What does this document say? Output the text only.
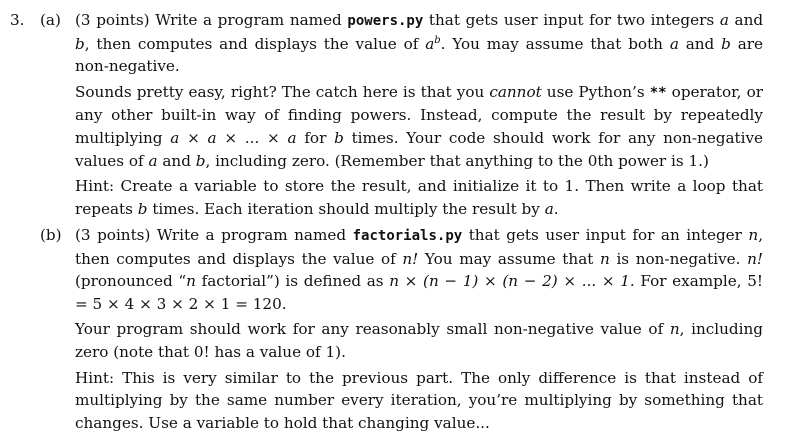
3. (a) (3 points) Write a program named powers.py that gets user input for two integers a and b, then computes and displays the value of $a^b$. You may assume that both a and b are non-negative.

Sounds pretty easy, right? The catch here is that you cannot use Python’s ** operator, or any other built-in way of finding powers. Instead, compute the result by repeatedly multiplying a × a × ... × a for b times. Your code should work for any non-negative values of a and b, including zero. (Remember that anything to the 0th power is 1.)

Hint: Create a variable to store the result, and initialize it to 1. Then write a loop that repeats b times. Each iteration should multiply the result by a.

(b) (3 points) Write a program named factorials.py that gets user input for an integer n, then computes and displays the value of n! You may assume that n is non-negative. n! (pronounced “n factorial”) is defined as n × (n − 1) × (n − 2) × ... × 1. For example, 5! = 5 × 4 × 3 × 2 × 1 = 120.

Your program should work for any reasonably small non-negative value of n, including zero (note that 0! has a value of 1).

Hint: This is very similar to the previous part. The only difference is that instead of multiplying by the same number every iteration, you’re multiplying by something that changes. Use a variable to hold that changing value...
